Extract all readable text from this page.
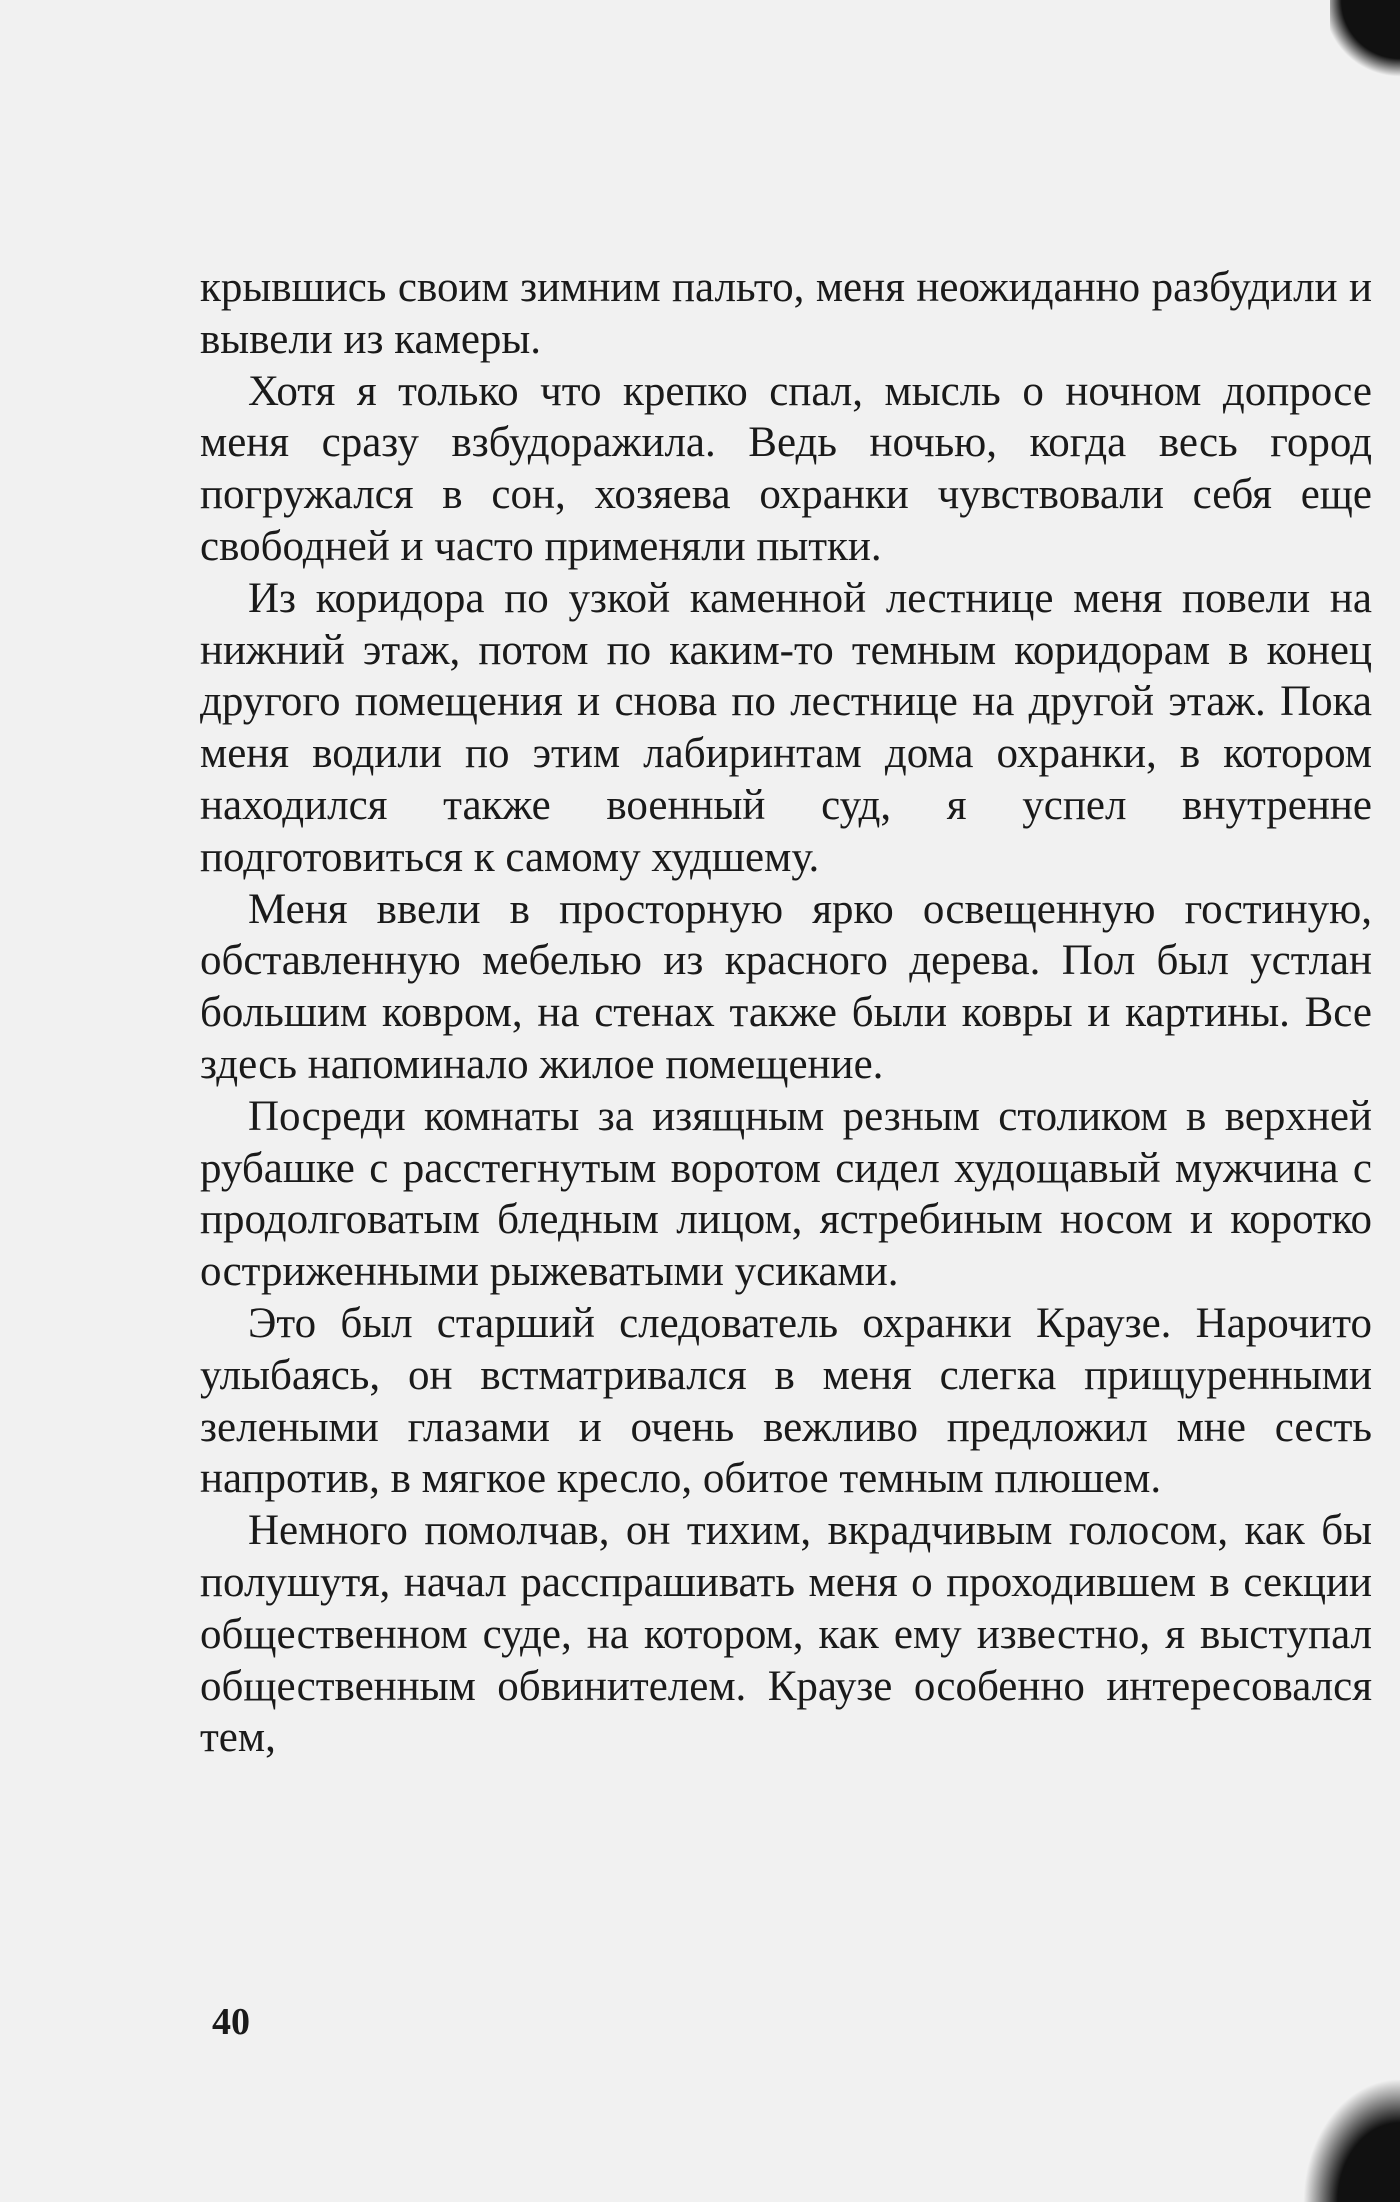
крывшись своим зимним пальто, меня неожиданно разбудили и вывели из камеры.

Хотя я только что крепко спал, мысль о ночном допросе меня сразу взбудоражила. Ведь ночью, когда весь город погружался в сон, хозяева охранки чувствовали себя еще свободней и часто применяли пытки.

Из коридора по узкой каменной лестнице меня повели на нижний этаж, потом по каким-то темным коридорам в конец другого помещения и снова по лестнице на другой этаж. Пока меня водили по этим лабиринтам дома охранки, в котором находился также военный суд, я успел внутренне подготовиться к самому худшему.

Меня ввели в просторную ярко освещенную гостиную, обставленную мебелью из красного дерева. Пол был устлан большим ковром, на стенах также были ковры и картины. Все здесь напоминало жилое помещение.

Посреди комнаты за изящным резным столиком в верхней рубашке с расстегнутым воротом сидел худощавый мужчина с продолговатым бледным лицом, ястребиным носом и коротко остриженными рыжеватыми усиками.

Это был старший следователь охранки Краузе. Нарочито улыбаясь, он встматривался в меня слегка прищуренными зелеными глазами и очень вежливо предложил мне сесть напротив, в мягкое кресло, обитое темным плюшем.

Немного помолчав, он тихим, вкрадчивым голосом, как бы полушутя, начал расспрашивать меня о проходившем в секции общественном суде, на котором, как ему известно, я выступал общественным обвинителем. Краузе особенно интересовался тем,

40
